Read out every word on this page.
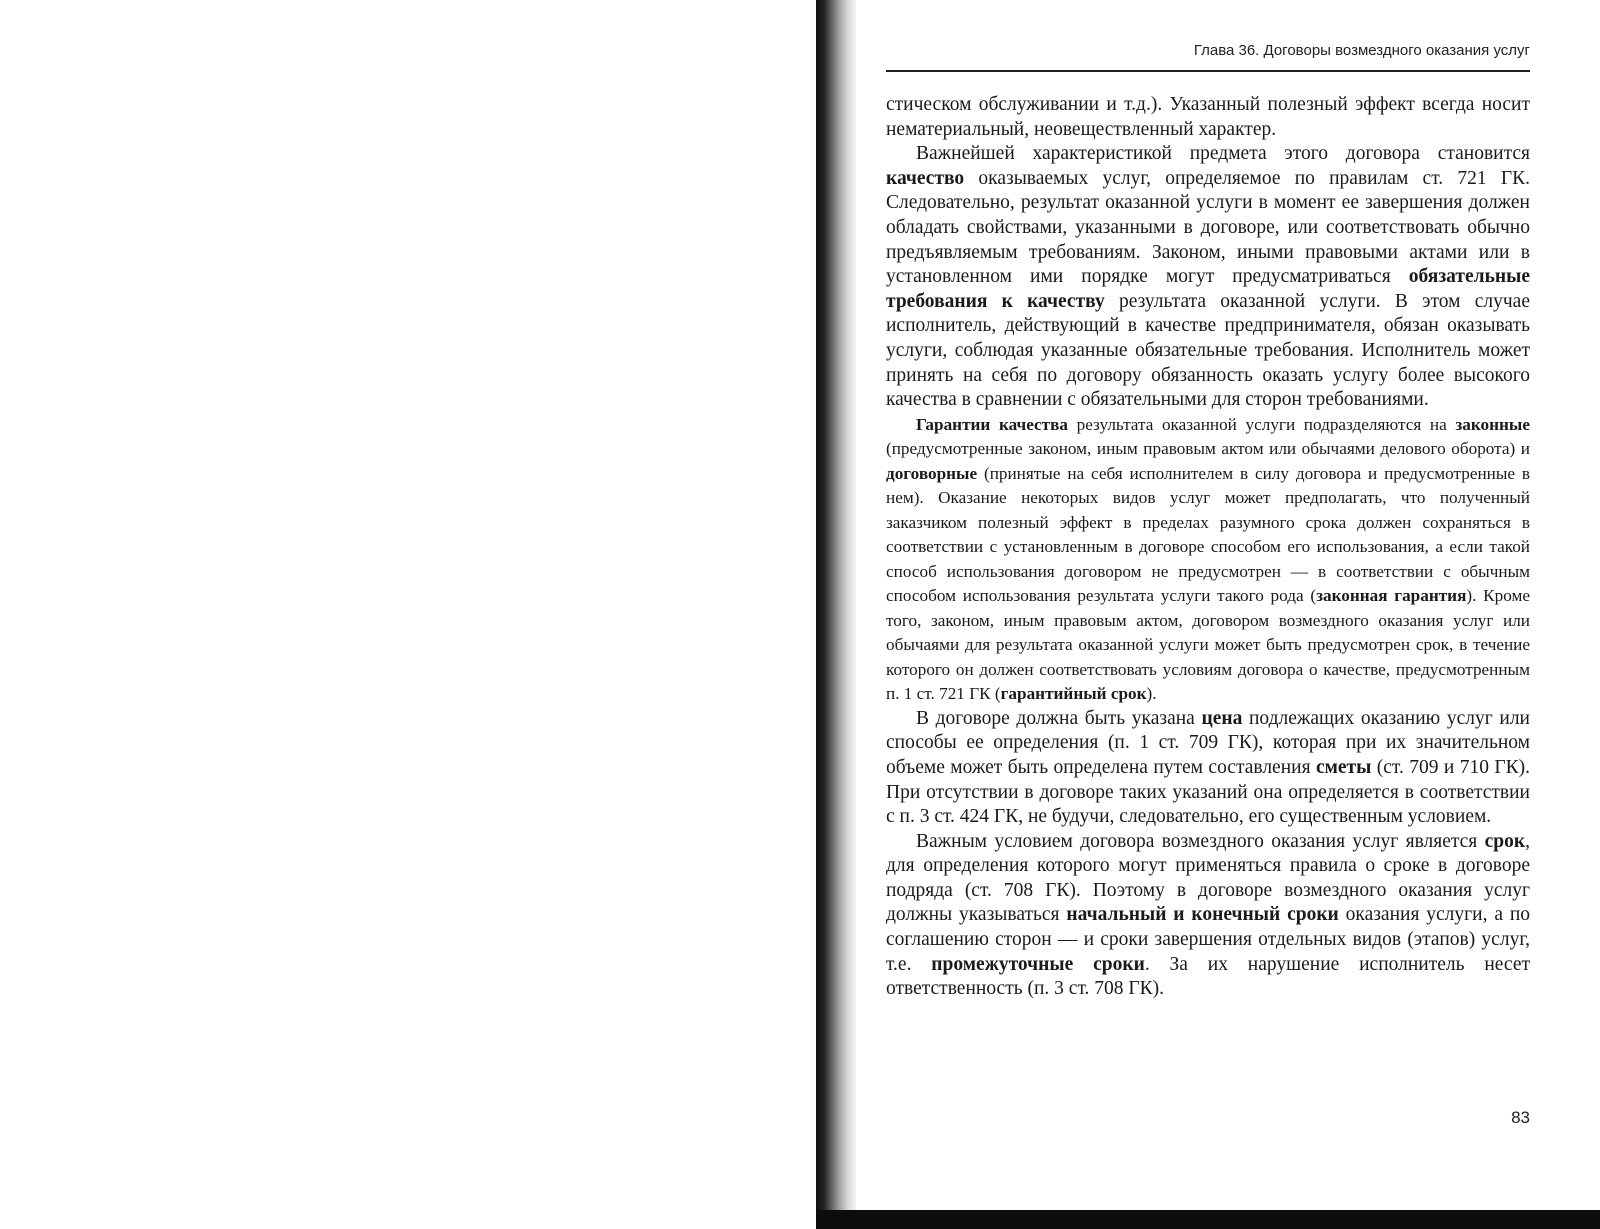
Глава 36. Договоры возмездного оказания услуг

стическом обслуживании и т.д.). Указанный полезный эффект всегда носит нематериальный, неовеществленный характер.

Важнейшей характеристикой предмета этого договора становится качество оказываемых услуг, определяемое по правилам ст. 721 ГК. Следовательно, результат оказанной услуги в момент ее завершения должен обладать свойствами, указанными в договоре, или соответствовать обычно предъявляемым требованиям. Законом, иными правовыми актами или в установленном ими порядке могут предусматриваться обязательные требования к качеству результата оказанной услуги. В этом случае исполнитель, действующий в качестве предпринимателя, обязан оказывать услуги, соблюдая указанные обязательные требования. Исполнитель может принять на себя по договору обязанность оказать услугу более высокого качества в сравнении с обязательными для сторон требованиями.

Гарантии качества результата оказанной услуги подразделяются на законные (предусмотренные законом, иным правовым актом или обычаями делового оборота) и договорные (принятые на себя исполнителем в силу договора и предусмотренные в нем). Оказание некоторых видов услуг может предполагать, что полученный заказчиком полезный эффект в пределах разумного срока должен сохраняться в соответствии с установленным в договоре способом его использования, а если такой способ использования договором не предусмотрен — в соответствии с обычным способом использования результата услуги такого рода (законная гарантия). Кроме того, законом, иным правовым актом, договором возмездного оказания услуг или обычаями для результата оказанной услуги может быть предусмотрен срок, в течение которого он должен соответствовать условиям договора о качестве, предусмотренным п. 1 ст. 721 ГК (гарантийный срок).

В договоре должна быть указана цена подлежащих оказанию услуг или способы ее определения (п. 1 ст. 709 ГК), которая при их значительном объеме может быть определена путем составления сметы (ст. 709 и 710 ГК). При отсутствии в договоре таких указаний она определяется в соответствии с п. 3 ст. 424 ГК, не будучи, следовательно, его существенным условием.

Важным условием договора возмездного оказания услуг является срок, для определения которого могут применяться правила о сроке в договоре подряда (ст. 708 ГК). Поэтому в договоре возмездного оказания услуг должны указываться начальный и конечный сроки оказания услуги, а по соглашению сторон — и сроки завершения отдельных видов (этапов) услуг, т.е. промежуточные сроки. За их нарушение исполнитель несет ответственность (п. 3 ст. 708 ГК).

83
